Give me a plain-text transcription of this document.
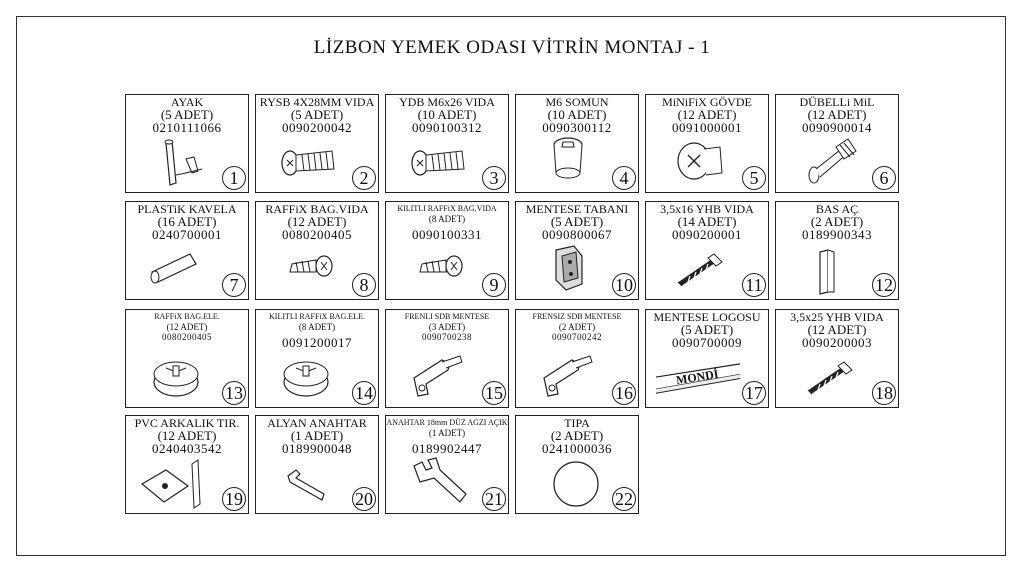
LİZBON YEMEK ODASI VİTRİN MONTAJ - 1
AYAK
(5 ADET)
0210111066
1
RYSB 4X28MM VIDA
(5 ADET)
0090200042
2
YDB M6x26 VIDA
(10 ADET)
0090100312
3
M6 SOMUN
(10 ADET)
0090300112
4
MiNiFiX GÖVDE
(12 ADET)
0091000001
5
DÜBELLi MiL
(12 ADET)
0090900014
6
PLASTiK KAVELA
(16 ADET)
0240700001
7
RAFFiX BAG.VIDA
(12 ADET)
0080200405
8
KILITLI RAFFiX BAG.VIDA
(8 ADET)
0090100331
9
MENTESE TABANI
(5 ADET)
0090800067
10
3,5x16 YHB VIDA
(14 ADET)
0090200001
11
BAS AÇ
(2 ADET)
0189900343
12
RAFFiX BAG.ELE.
(12 ADET)
0080200405
13
KILITLI RAFFiX BAG.ELE.
(8 ADET)
0091200017
14
FRENLI SDB MENTESE
(3 ADET)
0090700238
15
FRENSIZ SDB MENTESE
(2 ADET)
0090700242
16
MENTESE LOGOSU
(5 ADET)
0090700009
MONDİ
17
3,5x25 YHB VIDA
(12 ADET)
0090200003
18
PVC ARKALIK TIR.
(12 ADET)
0240403542
19
ALYAN ANAHTAR
(1 ADET)
0189900048
20
ANAHTAR 18mm DÜZ AGZI AÇIK
(1 ADET)
0189902447
21
TIPA
(2 ADET)
0241000036
22
